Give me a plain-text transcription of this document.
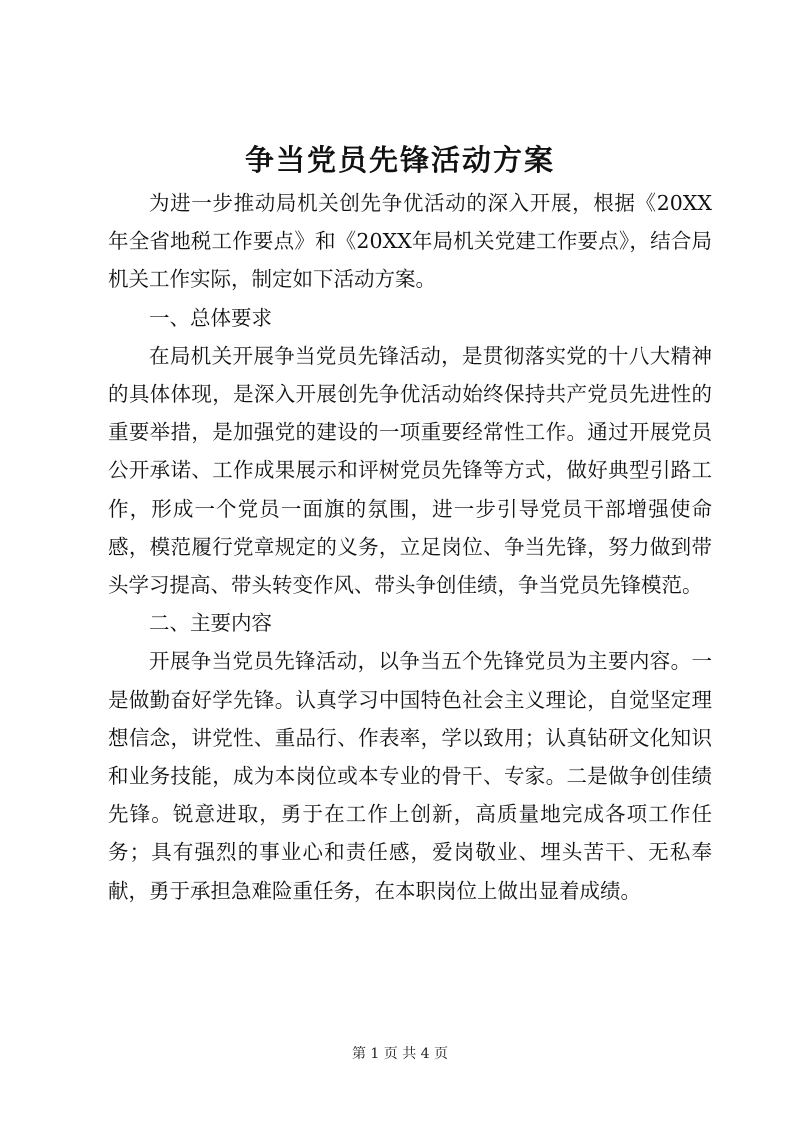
争当党员先锋活动方案

为进一步推动局机关创先争优活动的深入开展，根据《20XX年全省地税工作要点》和《20XX年局机关党建工作要点》，结合局机关工作实际，制定如下活动方案。

一、总体要求

在局机关开展争当党员先锋活动，是贯彻落实党的十八大精神的具体体现，是深入开展创先争优活动始终保持共产党员先进性的重要举措，是加强党的建设的一项重要经常性工作。通过开展党员公开承诺、工作成果展示和评树党员先锋等方式，做好典型引路工作，形成一个党员一面旗的氛围，进一步引导党员干部增强使命感，模范履行党章规定的义务，立足岗位、争当先锋，努力做到带头学习提高、带头转变作风、带头争创佳绩，争当党员先锋模范。

二、主要内容

开展争当党员先锋活动，以争当五个先锋党员为主要内容。一是做勤奋好学先锋。认真学习中国特色社会主义理论，自觉坚定理想信念，讲党性、重品行、作表率，学以致用；认真钻研文化知识和业务技能，成为本岗位或本专业的骨干、专家。二是做争创佳绩先锋。锐意进取，勇于在工作上创新，高质量地完成各项工作任务；具有强烈的事业心和责任感，爱岗敬业、埋头苦干、无私奉献，勇于承担急难险重任务，在本职岗位上做出显着成绩。

第 1 页 共 4 页
